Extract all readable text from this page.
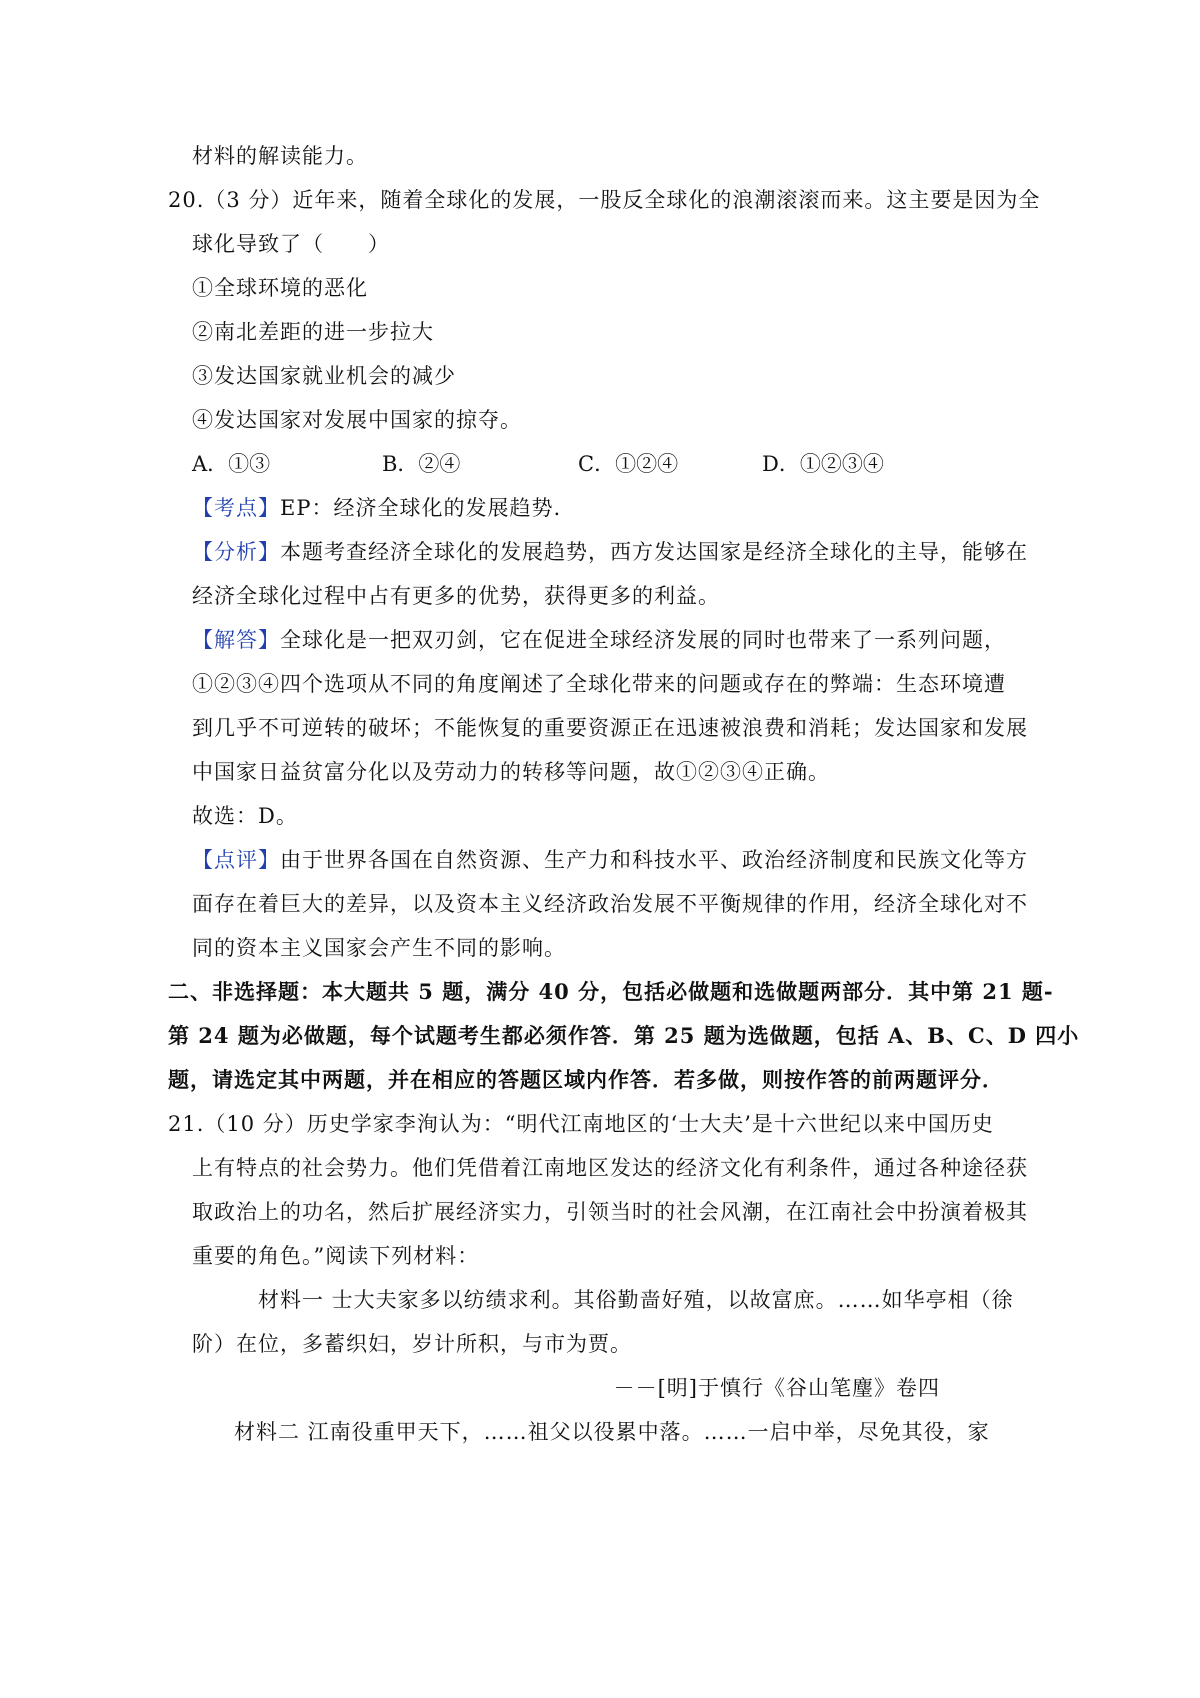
材料的解读能力。

20.（3 分）近年来，随着全球化的发展，一股反全球化的浪潮滚滚而来。这主要是因为全

球化导致了（　　）

①全球环境的恶化

②南北差距的进一步拉大

③发达国家就业机会的减少

④发达国家对发展中国家的掠夺。

A．①③	B．②④	C．①②④	D．①②③④

【考点】EP：经济全球化的发展趋势.

【分析】本题考查经济全球化的发展趋势，西方发达国家是经济全球化的主导，能够在

经济全球化过程中占有更多的优势，获得更多的利益。

【解答】全球化是一把双刃剑，它在促进全球经济发展的同时也带来了一系列问题，

①②③④四个选项从不同的角度阐述了全球化带来的问题或存在的弊端：生态环境遭

到几乎不可逆转的破坏；不能恢复的重要资源正在迅速被浪费和消耗；发达国家和发展

中国家日益贫富分化以及劳动力的转移等问题，故①②③④正确。

故选：D。

【点评】由于世界各国在自然资源、生产力和科技水平、政治经济制度和民族文化等方

面存在着巨大的差异，以及资本主义经济政治发展不平衡规律的作用，经济全球化对不

同的资本主义国家会产生不同的影响。

二、非选择题：本大题共 5 题，满分 40 分，包括必做题和选做题两部分．其中第 21 题-

第 24 题为必做题，每个试题考生都必须作答．第 25 题为选做题，包括 A、B、C、D 四小

题，请选定其中两题，并在相应的答题区域内作答．若多做，则按作答的前两题评分．

21.（10 分）历史学家李洵认为：“明代江南地区的‘士大夫’是十六世纪以来中国历史

上有特点的社会势力。他们凭借着江南地区发达的经济文化有利条件，通过各种途径获

取政治上的功名，然后扩展经济实力，引领当时的社会风潮，在江南社会中扮演着极其

重要的角色。”阅读下列材料：

材料一 士大夫家多以纺绩求利。其俗勤啬好殖，以故富庶。……如华亭相（徐

阶）在位，多蓄织妇，岁计所积，与市为贾。

－－[明]于慎行《谷山笔麈》卷四

材料二 江南役重甲天下，……祖父以役累中落。……一启中举，尽免其役，家
